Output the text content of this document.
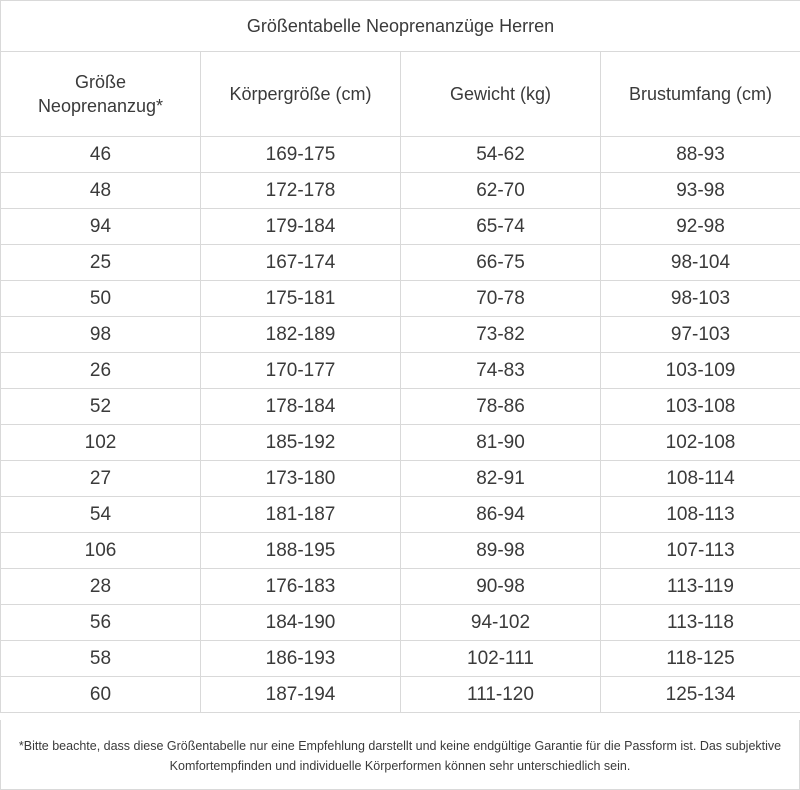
Größentabelle Neoprenanzüge Herren			
Größe
Neoprenanzug*	Körpergröße (cm)	Gewicht (kg)	Brustumfang (cm)
46	169-175	54-62	88-93
48	172-178	62-70	93-98
94	179-184	65-74	92-98
25	167-174	66-75	98-104
50	175-181	70-78	98-103
98	182-189	73-82	97-103
26	170-177	74-83	103-109
52	178-184	78-86	103-108
102	185-192	81-90	102-108
27	173-180	82-91	108-114
54	181-187	86-94	108-113
106	188-195	89-98	107-113
28	176-183	90-98	113-119
56	184-190	94-102	113-118
58	186-193	102-111	118-125
60	187-194	111-120	125-134
*Bitte beachte, dass diese Größentabelle nur eine Empfehlung darstellt und keine endgültige Garantie für die Passform ist. Das subjektive
Komfortempfinden und individuelle Körperformen können sehr unterschiedlich sein.
